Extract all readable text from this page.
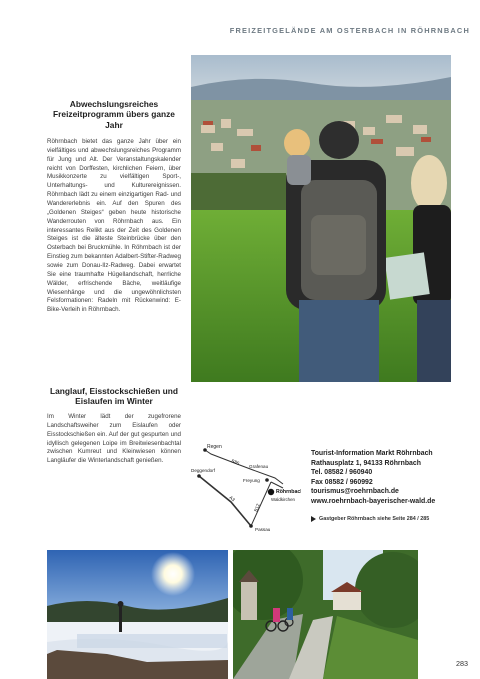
FREIZEITGELÄNDE AM OSTERBACH IN RÖHRNBACH
Abwechslungsreiches Freizeitprogramm übers ganze Jahr

Röhrnbach bietet das ganze Jahr über ein vielfältiges und abwechslungsreiches Programm für Jung und Alt. Der Veranstaltungskalender reicht von Dorffesten, kirchlichen Feiern, über Musikkonzerte zu vielfältigen Sport-, Unterhaltungs- und Kulturereignissen. Röhrnbach lädt zu einem einzigartigen Rad- und Wandererlebnis ein. Auf den Spuren des „Goldenen Steiges“ geben heute historische Wanderrouten von Röhrnbach aus. Ein interessantes Relikt aus der Zeit des Goldenen Steiges ist die älteste Steinbrücke über den Osterbach bei Bruckmühle. In Röhrnbach ist der Einstieg zum bekannten Adalbert-Stifter-Radweg sowie zum Donau-Ilz-Radweg. Dabei erwartet Sie eine traumhafte Hügellandschaft, herrliche Wälder, erfrischende Bäche, weitläufige Wiesenhänge und die ungewöhnlichsten Felsformationen: Radeln mit Rückenwind: E-Bike-Verleih in Röhrnbach.

Langlauf, Eisstockschießen und Eislaufen im Winter

Im Winter lädt der zugefrorene Landschaftsweiher zum Eislaufen oder Eisstockschießen ein. Auf der gut gespurten und idyllisch gelegenen Loipe im Breitwiesenbachtal zwischen Kumreut und Kleinwiesen können Langläufer die Winterlandschaft genießen.

Regen
Deggendorf
Grafenau
Freyung
Röhrnbach
Waldkirchen
Passau
B85
A3
B12
Tourist-Information Markt Röhrnbach
Rathausplatz 1, 94133 Röhrnbach
Tel. 08582 / 960940
Fax 08582 / 960992
tourismus@roehrnbach.de
www.roehrnbach-bayerischer-wald.de
Gastgeber Röhrnbach siehe Seite 284 / 285
283
